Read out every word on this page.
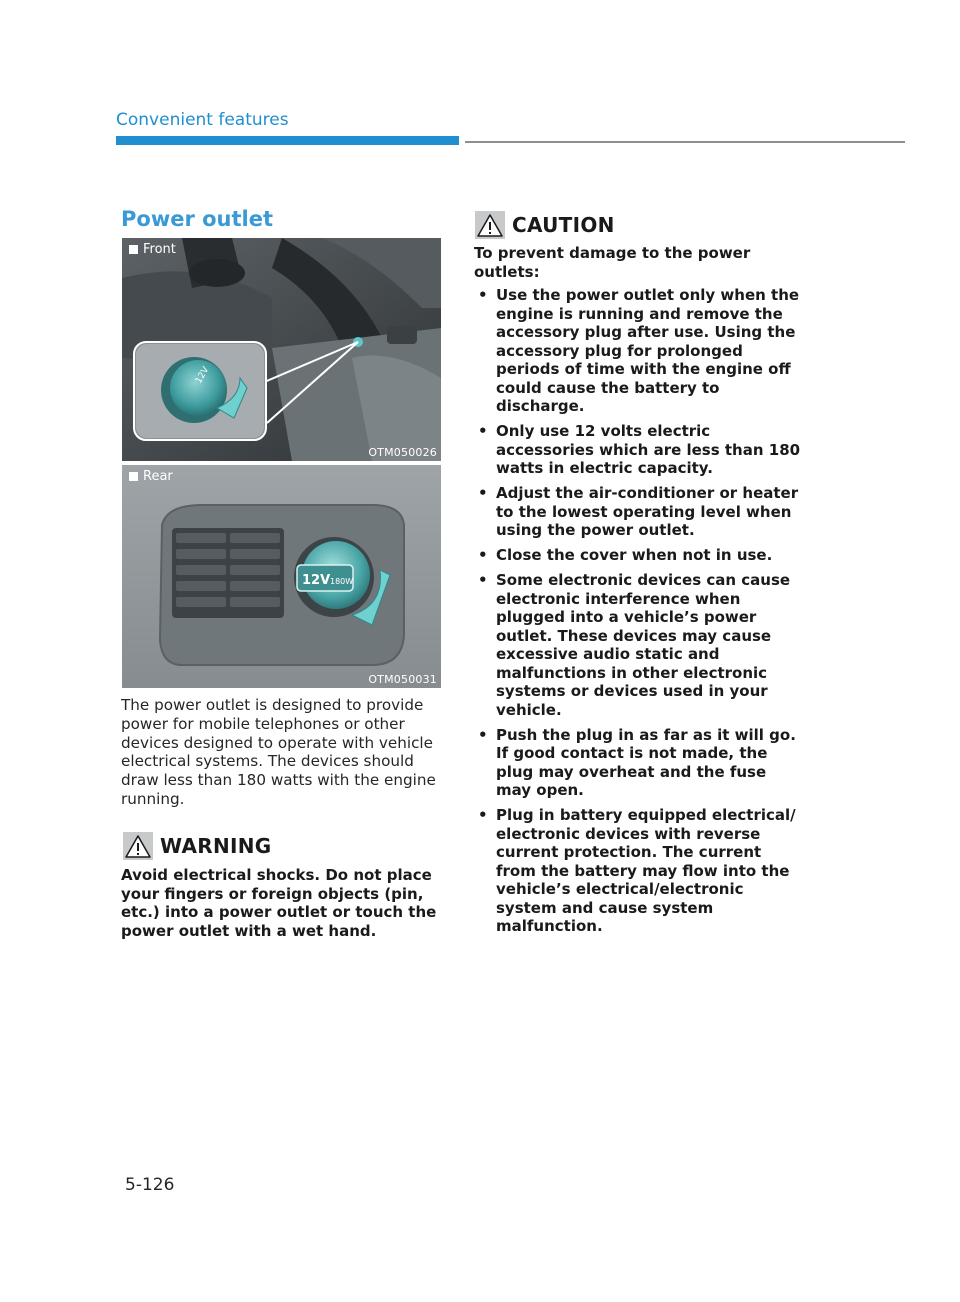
Convenient features
Power outlet
12V
Front
OTM050026
12V 180W
Rear
OTM050031
The power outlet is designed to provide power for mobile telephones or other devices designed to operate with vehicle electrical systems. The devices should draw less than 180 watts with the engine running.
WARNING
Avoid electrical shocks. Do not place your fingers or foreign objects (pin, etc.) into a power outlet or touch the power outlet with a wet hand.
CAUTION
To prevent damage to the power outlets:
• Use the power outlet only when the engine is running and remove the accessory plug after use. Using the accessory plug for prolonged periods of time with the engine off could cause the battery to discharge.
• Only use 12 volts electric accessories which are less than 180 watts in electric capacity.
• Adjust the air-conditioner or heater to the lowest operating level when using the power outlet.
• Close the cover when not in use.
• Some electronic devices can cause electronic interference when plugged into a vehicle’s power outlet. These devices may cause excessive audio static and malfunctions in other electronic systems or devices used in your vehicle.
• Push the plug in as far as it will go. If good contact is not made, the plug may overheat and the fuse may open.
• Plug in battery equipped electrical/ electronic devices with reverse current protection. The current from the battery may flow into the vehicle’s electrical/electronic system and cause system malfunction.
5-126
